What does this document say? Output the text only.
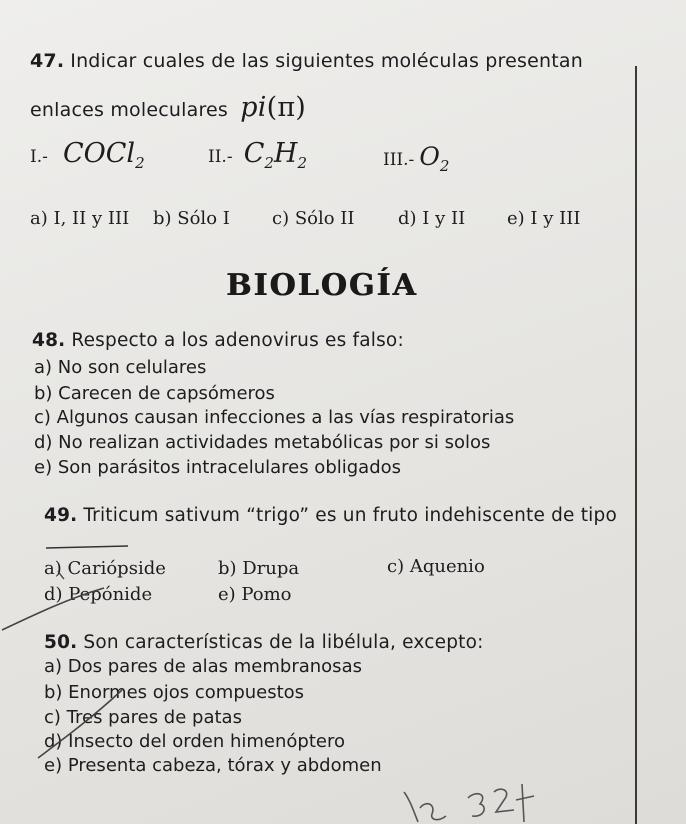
47. Indicar cuales de las siguientes moléculas presentan
enlaces moleculares pi(π)
I.- COCl2	II.- C2H2	III.- O2
a) I, II y III b) Sólo I c) Sólo II d) I y II e) I y III
BIOLOGÍA
48. Respecto a los adenovirus es falso:
a) No son celulares
b) Carecen de capsómeros
c) Algunos causan infecciones a las vías respiratorias
d) No realizan actividades metabólicas por si solos
e) Son parásitos intracelulares obligados
49. Triticum sativum “trigo” es un fruto indehiscente de tipo
a) Cariópside	b) Drupa	c) Aquenio
d) Pepónide	e) Pomo
50. Son características de la libélula, excepto:
a) Dos pares de alas membranosas
b) Enormes ojos compuestos
c) Tres pares de patas
d) Insecto del orden himenóptero
e) Presenta cabeza, tórax y abdomen
